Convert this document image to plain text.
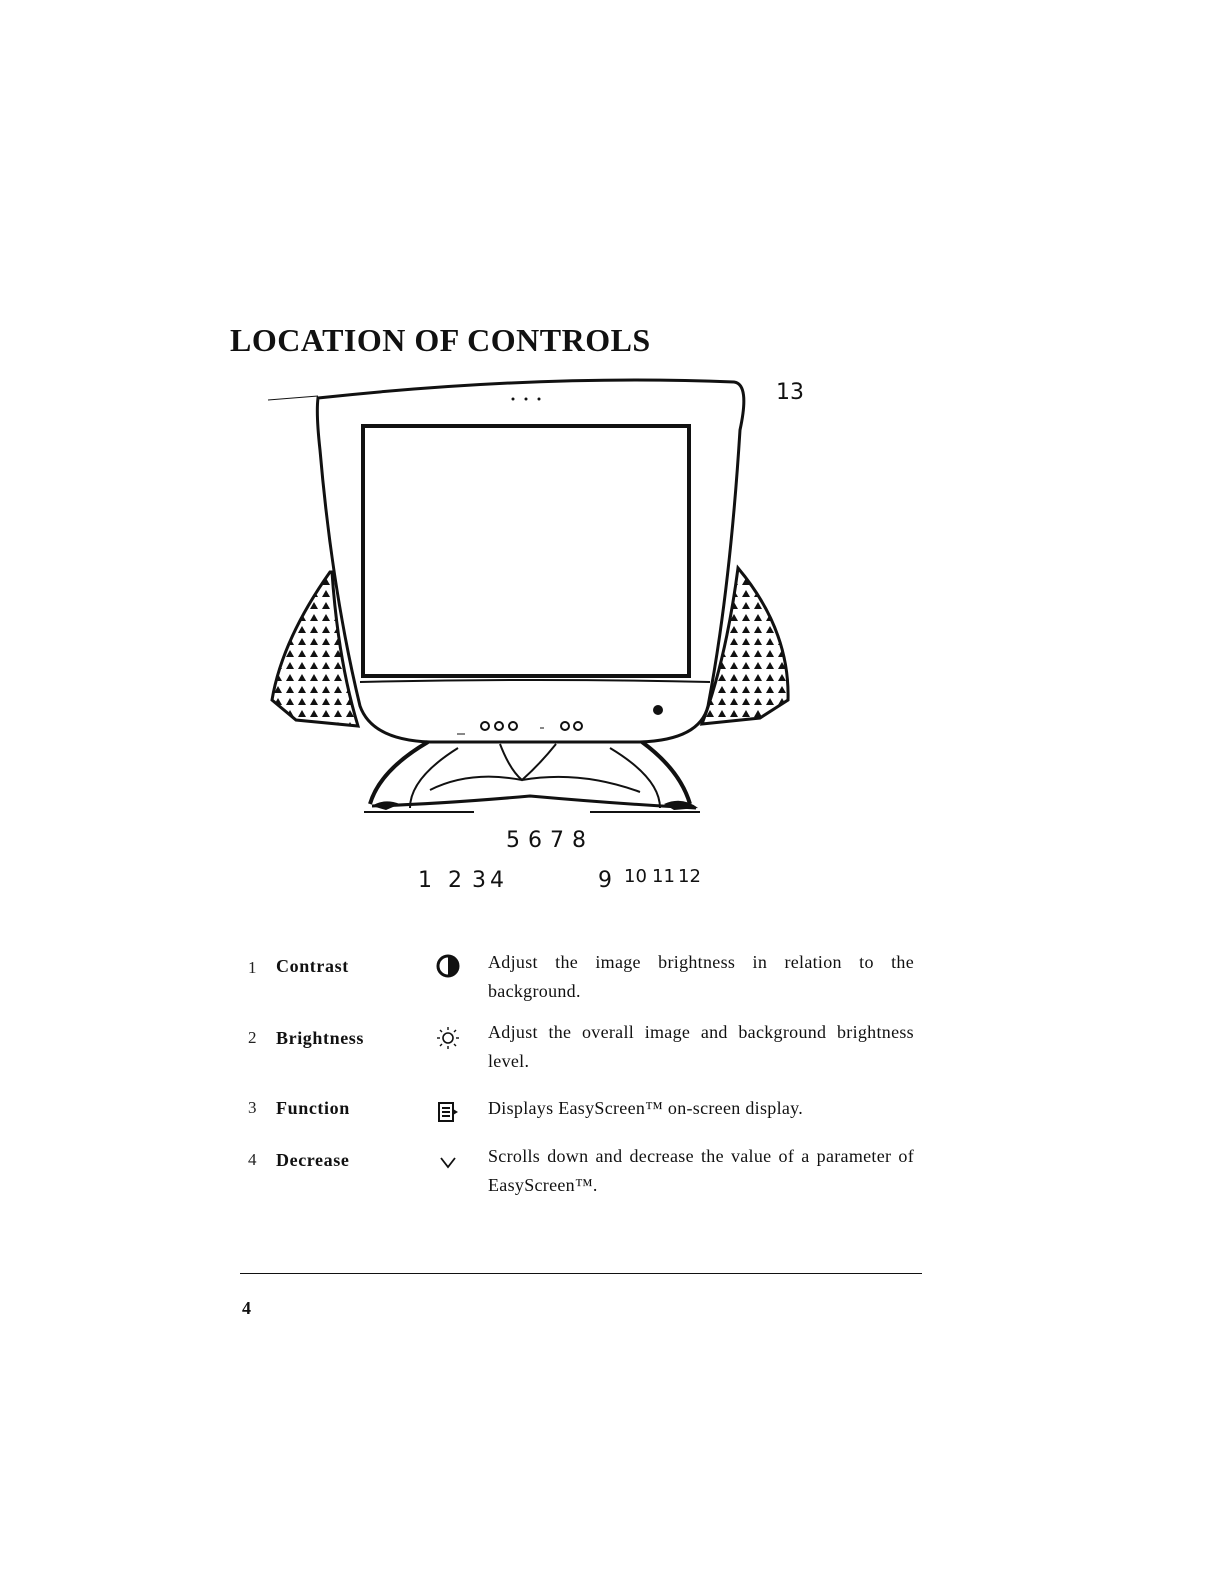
LOCATION OF CONTROLS
13
5 6 7 8
1 2 3 4	9 10 11 12
1 Contrast	Adjust the image brightness in relation to the background.
2 Brightness	Adjust the overall image and background brightness level.
3 Function	Displays EasyScreen™ on-screen display.
4 Decrease	Scrolls down and decrease the value of a parameter of EasyScreen™.
4
